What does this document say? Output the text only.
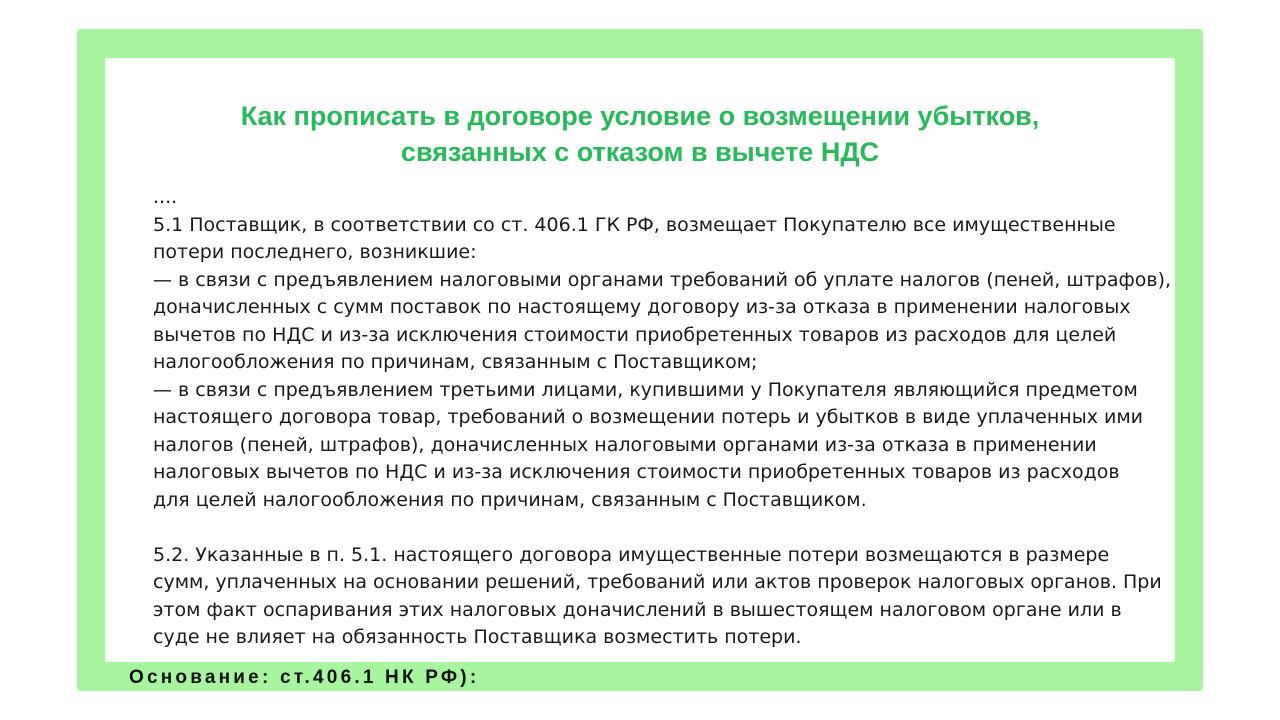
Как прописать в договоре условие о возмещении убытков,
связанных с отказом в вычете НДС

....

5.1 Поставщик, в соответствии со ст. 406.1 ГК РФ, возмещает Покупателю все имущественные

потери последнего, возникшие:

— в связи с предъявлением налоговыми органами требований об уплате налогов (пеней, штрафов),

доначисленных с сумм поставок по настоящему договору из-за отказа в применении налоговых

вычетов по НДС и из-за исключения стоимости приобретенных товаров из расходов для целей

налогообложения по причинам, связанным с Поставщиком;

— в связи с предъявлением третьими лицами, купившими у Покупателя являющийся предметом

настоящего договора товар, требований о возмещении потерь и убытков в виде уплаченных ими

налогов (пеней, штрафов), доначисленных налоговыми органами из-за отказа в применении

налоговых вычетов по НДС и из-за исключения стоимости приобретенных товаров из расходов

для целей налогообложения по причинам, связанным с Поставщиком.

5.2. Указанные в п. 5.1. настоящего договора имущественные потери возмещаются в размере

сумм, уплаченных на основании решений, требований или актов проверок налоговых органов. При

этом факт оспаривания этих налоговых доначислений в вышестоящем налоговом органе или в

суде не влияет на обязанность Поставщика возместить потери.

Основание: ст.406.1 НК РФ):
